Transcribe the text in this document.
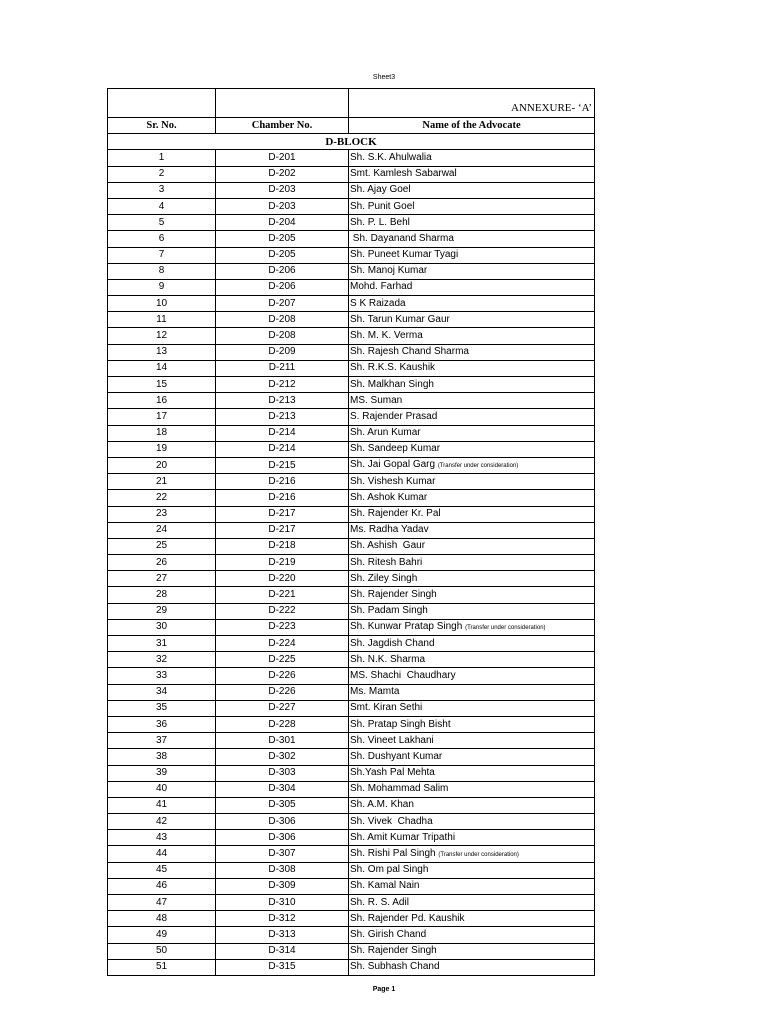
Sheet3
		ANNEXURE- ‘A’
Sr. No.	Chamber No.	Name of the Advocate
D-BLOCK		
1	D-201	Sh. S.K. Ahulwalia
2	D-202	Smt. Kamlesh Sabarwal
3	D-203	Sh. Ajay Goel
4	D-203	Sh. Punit Goel
5	D-204	Sh. P. L. Behl
6	D-205	Sh. Dayanand Sharma
7	D-205	Sh. Puneet Kumar Tyagi
8	D-206	Sh. Manoj Kumar
9	D-206	Mohd. Farhad
10	D-207	S K Raizada
11	D-208	Sh. Tarun Kumar Gaur
12	D-208	Sh. M. K. Verma
13	D-209	Sh. Rajesh Chand Sharma
14	D-211	Sh. R.K.S. Kaushik
15	D-212	Sh. Malkhan Singh
16	D-213	MS. Suman
17	D-213	S. Rajender Prasad
18	D-214	Sh. Arun Kumar
19	D-214	Sh. Sandeep Kumar
20	D-215	Sh. Jai Gopal Garg (Transfer under consideration)
21	D-216	Sh. Vishesh Kumar
22	D-216	Sh. Ashok Kumar
23	D-217	Sh. Rajender Kr. Pal
24	D-217	Ms. Radha Yadav
25	D-218	Sh. Ashish  Gaur
26	D-219	Sh. Ritesh Bahri
27	D-220	Sh. Ziley Singh
28	D-221	Sh. Rajender Singh
29	D-222	Sh. Padam Singh
30	D-223	Sh. Kunwar Pratap Singh (Transfer under consideration)
31	D-224	Sh. Jagdish Chand
32	D-225	Sh. N.K. Sharma
33	D-226	MS. Shachi  Chaudhary
34	D-226	Ms. Mamta
35	D-227	Smt. Kiran Sethi
36	D-228	Sh. Pratap Singh Bisht
37	D-301	Sh. Vineet Lakhani
38	D-302	Sh. Dushyant Kumar
39	D-303	Sh.Yash Pal Mehta
40	D-304	Sh. Mohammad Salim
41	D-305	Sh. A.M. Khan
42	D-306	Sh. Vivek  Chadha
43	D-306	Sh. Amit Kumar Tripathi
44	D-307	Sh. Rishi Pal Singh (Transfer under consideration)
45	D-308	Sh. Om pal Singh
46	D-309	Sh. Kamal Nain
47	D-310	Sh. R. S. Adil
48	D-312	Sh. Rajender Pd. Kaushik
49	D-313	Sh. Girish Chand
50	D-314	Sh. Rajender Singh
51	D-315	Sh. Subhash Chand
Page 1
